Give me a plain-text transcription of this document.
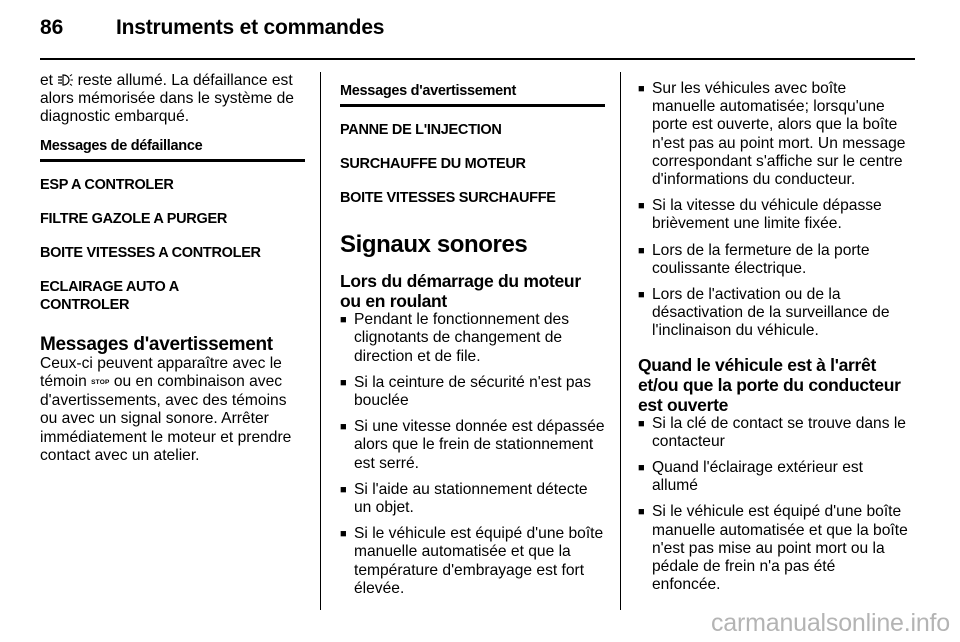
86	Instruments et commandes

et  reste allumé. La défaillance est alors mémorisée dans le système de diagnostic embarqué.

Messages de défaillance
ESP A CONTROLER
FILTRE GAZOLE A PURGER
BOITE VITESSES A CONTROLER
ECLAIRAGE AUTO A CONTROLER
Messages d'avertissement

Ceux-ci peuvent apparaître avec le témoin STOP ou en combinaison avec d'avertissements, avec des témoins ou avec un signal sonore. Arrêter immédiatement le moteur et prendre contact avec un atelier.

Messages d'avertissement
PANNE DE L'INJECTION
SURCHAUFFE DU MOTEUR
BOITE VITESSES SURCHAUFFE
Signaux sonores
Lors du démarrage du moteur ou en roulant
■ Pendant le fonctionnement des clignotants de changement de direction et de file.
■ Si la ceinture de sécurité n'est pas bouclée
■ Si une vitesse donnée est dépassée alors que le frein de stationnement est serré.
■ Si l'aide au stationnement détecte un objet.
■ Si le véhicule est équipé d'une boîte manuelle automatisée et que la température d'embrayage est fort élevée.
■ Sur les véhicules avec boîte manuelle automatisée; lorsqu'une porte est ouverte, alors que la boîte n'est pas au point mort. Un message correspondant s'affiche sur le centre d'informations du conducteur.
■ Si la vitesse du véhicule dépasse brièvement une limite fixée.
■ Lors de la fermeture de la porte coulissante électrique.
■ Lors de l'activation ou de la désactivation de la surveillance de l'inclinaison du véhicule.
Quand le véhicule est à l'arrêt et/ou que la porte du conducteur est ouverte
■ Si la clé de contact se trouve dans le contacteur
■ Quand l'éclairage extérieur est allumé
■ Si le véhicule est équipé d'une boîte manuelle automatisée et que la boîte n'est pas mise au point mort ou la pédale de frein n'a pas été enfoncée.
carmanualsonline.info
